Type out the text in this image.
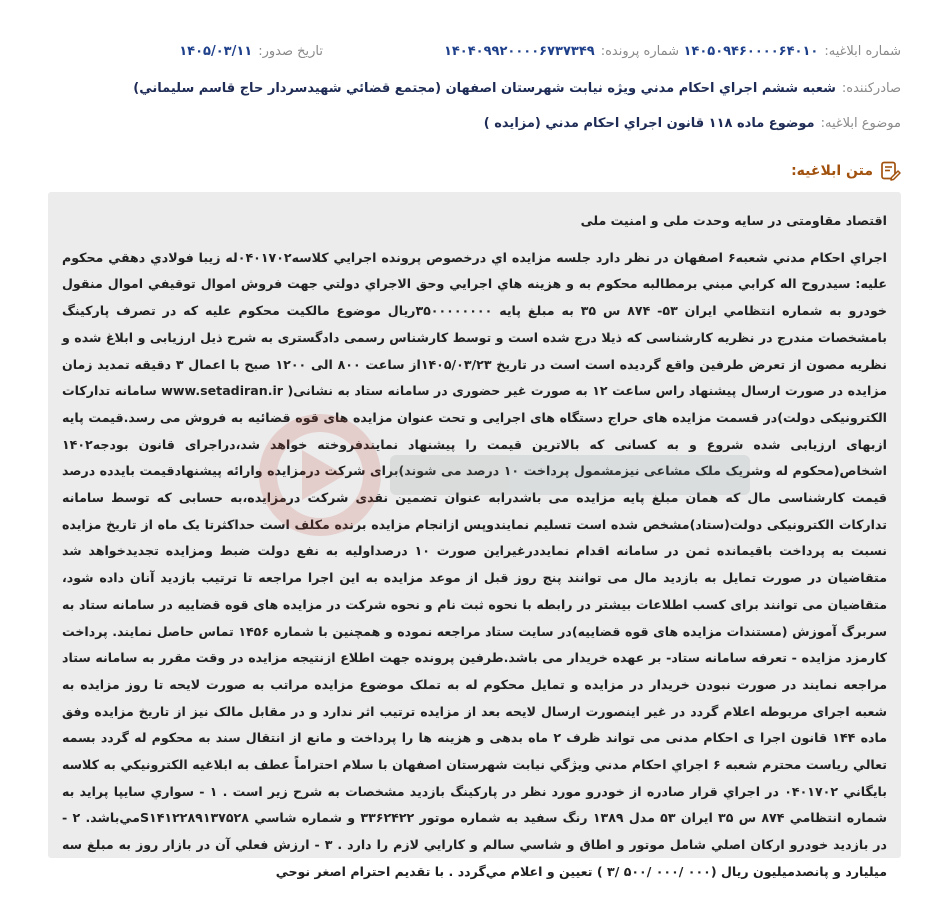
شماره ابلاغيه:
۱۴۰۵۰۹۴۶۰۰۰۰۶۴۰۱۰
شماره پرونده:
۱۴۰۴۰۹۹۲۰۰۰۰۶۷۳۷۳۴۹
تاريخ صدور:
۱۴۰۵/۰۳/۱۱
صادرکننده:
شعبه ششم اجراي احکام مدني ويژه نيابت شهرستان اصفهان (مجتمع قضائي شهيدسردار حاج قاسم سليماني)
موضوع ابلاغيه:
موضوع ماده ۱۱۸ قانون اجراي احکام مدني (مزايده )
متن ابلاغيه:

اقتصاد مقاومتی در سایه وحدت ملی و امنیت ملی

اجراي احكام مدني شعبه۶ اصفهان در نظر دارد جلسه مزايده اي درخصوص پرونده اجرايي كلاسه۰۴۰۱۷۰۲له زيبا فولادي دهقي محكوم عليه: سيدروح اله كرابي مبني برمطالبه محكوم به و هزينه هاي اجرايي وحق الاجراي دولتي جهت فروش اموال توقيفي اموال منقول خودرو به شماره انتظامي ايران ۵۳- ۸۷۴ س ۳۵ به مبلغ پايه ۳۵۰۰۰۰۰۰۰۰ريال موضوع مالكيت محكوم عليه كه در تصرف پاركينگ بامشخصات مندرج در نظريه كارشناسی كه ذيلا درج شده است و توسط كارشناس رسمی دادگستری به شرح ذيل ارزيابی و ابلاغ شده و نظريه مصون از تعرض طرفين واقع گرديده است است در تاريخ ۱۴۰۵/۰۳/۲۳از ساعت ۸۰۰ الی ۱۲۰۰ صبح با اعمال ۳ دقيقه تمديد زمان مزايده در صورت ارسال پيشنهاد راس ساعت ۱۲ به صورت غير حضوری در سامانه ستاد به نشانی( www.setadiran.ir سامانه تداركات الكترونيكی دولت)در قسمت مزايده های حراج دستگاه های اجرايی و تحت عنوان مزايده های قوه قضائيه به فروش می رسد.قيمت پايه ازبهای ارزيابی شده شروع و به كسانی كه بالاترين قيمت را پيشنهاد نمايندفروخته خواهد شد،دراجرای قانون بودجه۱۴۰۲ اشخاص(محكوم له وشريک ملک مشاعی نيزمشمول پرداخت ۱۰ درصد می شوند)برای شركت درمزايده وارائه پيشنهادقيمت بايدده درصد قيمت كارشناسی مال كه همان مبلغ پايه مزايده می باشدرابه عنوان تضمين نقدی شركت درمزايده،به حسابی كه توسط سامانه تداركات الكترونيكی دولت(ستاد)مشخص شده است تسليم نمايندوپس ازانجام مزايده برنده مكلف است حداكثرتا يک ماه از تاريخ مزايده نسبت به پرداخت باقيمانده ثمن در سامانه اقدام نمايددرغيراين صورت ۱۰ درصداوليه به نفع دولت ضبط ومزايده تجديدخواهد شد متقاضيان در صورت تمايل به بازديد مال می توانند پنج روز قبل از موعد مزايده به اين اجرا مراجعه تا ترتيب بازديد آنان داده شود، متقاضيان می توانند برای كسب اطلاعات بيشتر در رابطه با نحوه ثبت نام و نحوه شركت در مزايده های قوه قضاييه در سامانه ستاد به سربرگ آموزش (مستندات مزايده های قوه قضاييه)در سايت ستاد مراجعه نموده و همچنين با شماره ۱۴۵۶ تماس حاصل نمايند. پرداخت كارمزد مزايده - تعرفه سامانه ستاد- بر عهده خريدار می باشد.طرفين پرونده جهت اطلاع ازنتيجه مزايده در وقت مقرر به سامانه ستاد مراجعه نمايند در صورت نبودن خريدار در مزايده و تمايل محكوم له به تملک موضوع مزايده مراتب به صورت لايحه تا روز مزايده به شعبه اجرای مربوطه اعلام گردد در غير اينصورت ارسال لايحه بعد از مزايده ترتيب اثر ندارد و در مقابل مالک نيز از تاريخ مزايده وفق ماده ۱۴۴ قانون اجرا ی احكام مدنی می تواند ظرف ۲ ماه بدهی و هزينه ها را پرداخت و مانع از انتقال سند به محكوم له گردد بسمه تعالي رياست محترم شعبه ۶ اجراي احكام مدني ويژگي نيابت شهرستان اصفهان با سلام احتراماً عطف به ابلاغيه الكترونيكي به كلاسه بايگاني ۰۴۰۱۷۰۲ در اجراي قرار صادره از خودرو مورد نظر در پاركينگ بازديد مشخصات به شرح زير است . ۱ - سواري سايپا پرايد به شماره انتظامي ۸۷۴ س ۳۵ ايران ۵۳ مدل ۱۳۸۹ رنگ سفيد به شماره موتور ۳۳۶۲۴۲۲ و شماره شاسي S۱۴۱۲۲۸۹۱۳۷۵۲۸مي‌باشد. ۲ - در بازديد خودرو اركان اصلي شامل موتور و اطاق و شاسي سالم و كارايي لازم را دارد . ۳ - ارزش فعلي آن در بازار روز به مبلغ سه ميليارد و پانصدميليون ريال (۰۰۰ /۰۰۰ /۵۰۰ /۳ ) تعيين و اعلام مي‌گردد . با تقديم احترام اصغر نوحي
